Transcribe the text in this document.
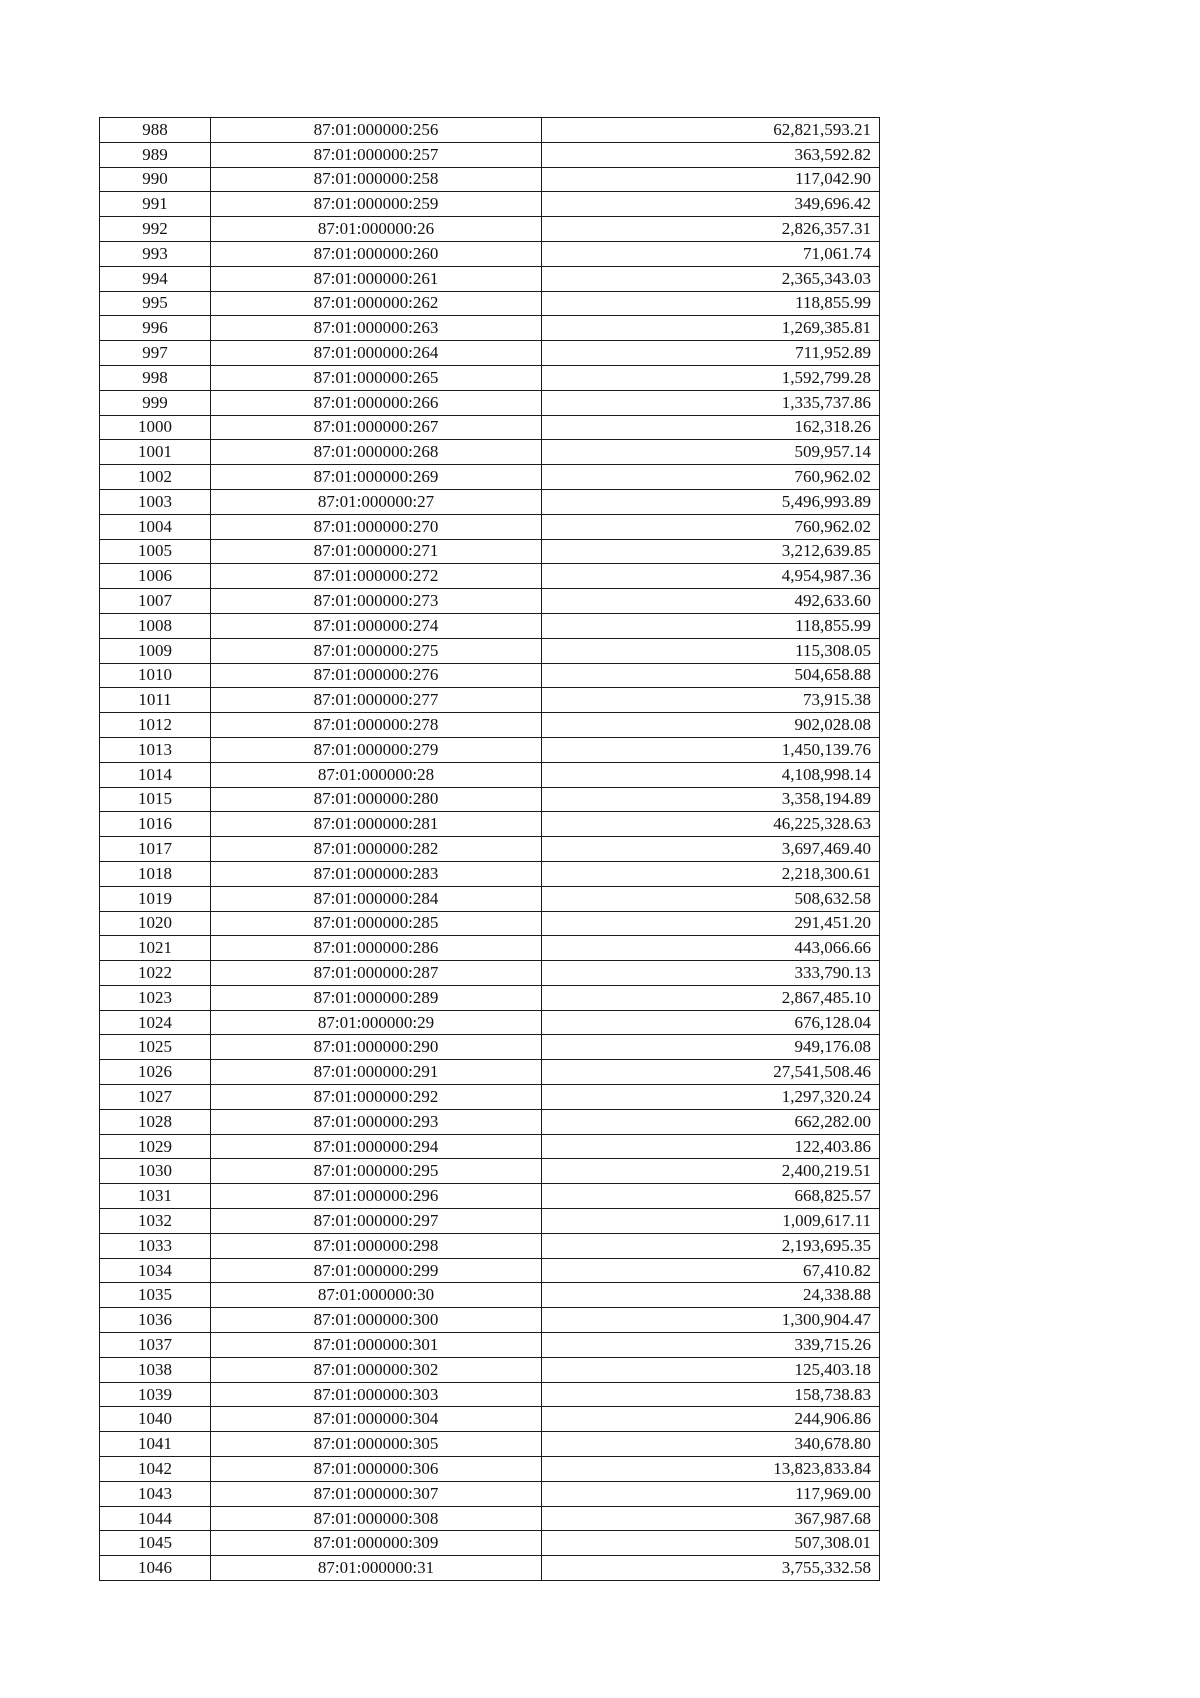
988	87:01:000000:256	62,821,593.21
989	87:01:000000:257	363,592.82
990	87:01:000000:258	117,042.90
991	87:01:000000:259	349,696.42
992	87:01:000000:26	2,826,357.31
993	87:01:000000:260	71,061.74
994	87:01:000000:261	2,365,343.03
995	87:01:000000:262	118,855.99
996	87:01:000000:263	1,269,385.81
997	87:01:000000:264	711,952.89
998	87:01:000000:265	1,592,799.28
999	87:01:000000:266	1,335,737.86
1000	87:01:000000:267	162,318.26
1001	87:01:000000:268	509,957.14
1002	87:01:000000:269	760,962.02
1003	87:01:000000:27	5,496,993.89
1004	87:01:000000:270	760,962.02
1005	87:01:000000:271	3,212,639.85
1006	87:01:000000:272	4,954,987.36
1007	87:01:000000:273	492,633.60
1008	87:01:000000:274	118,855.99
1009	87:01:000000:275	115,308.05
1010	87:01:000000:276	504,658.88
1011	87:01:000000:277	73,915.38
1012	87:01:000000:278	902,028.08
1013	87:01:000000:279	1,450,139.76
1014	87:01:000000:28	4,108,998.14
1015	87:01:000000:280	3,358,194.89
1016	87:01:000000:281	46,225,328.63
1017	87:01:000000:282	3,697,469.40
1018	87:01:000000:283	2,218,300.61
1019	87:01:000000:284	508,632.58
1020	87:01:000000:285	291,451.20
1021	87:01:000000:286	443,066.66
1022	87:01:000000:287	333,790.13
1023	87:01:000000:289	2,867,485.10
1024	87:01:000000:29	676,128.04
1025	87:01:000000:290	949,176.08
1026	87:01:000000:291	27,541,508.46
1027	87:01:000000:292	1,297,320.24
1028	87:01:000000:293	662,282.00
1029	87:01:000000:294	122,403.86
1030	87:01:000000:295	2,400,219.51
1031	87:01:000000:296	668,825.57
1032	87:01:000000:297	1,009,617.11
1033	87:01:000000:298	2,193,695.35
1034	87:01:000000:299	67,410.82
1035	87:01:000000:30	24,338.88
1036	87:01:000000:300	1,300,904.47
1037	87:01:000000:301	339,715.26
1038	87:01:000000:302	125,403.18
1039	87:01:000000:303	158,738.83
1040	87:01:000000:304	244,906.86
1041	87:01:000000:305	340,678.80
1042	87:01:000000:306	13,823,833.84
1043	87:01:000000:307	117,969.00
1044	87:01:000000:308	367,987.68
1045	87:01:000000:309	507,308.01
1046	87:01:000000:31	3,755,332.58
